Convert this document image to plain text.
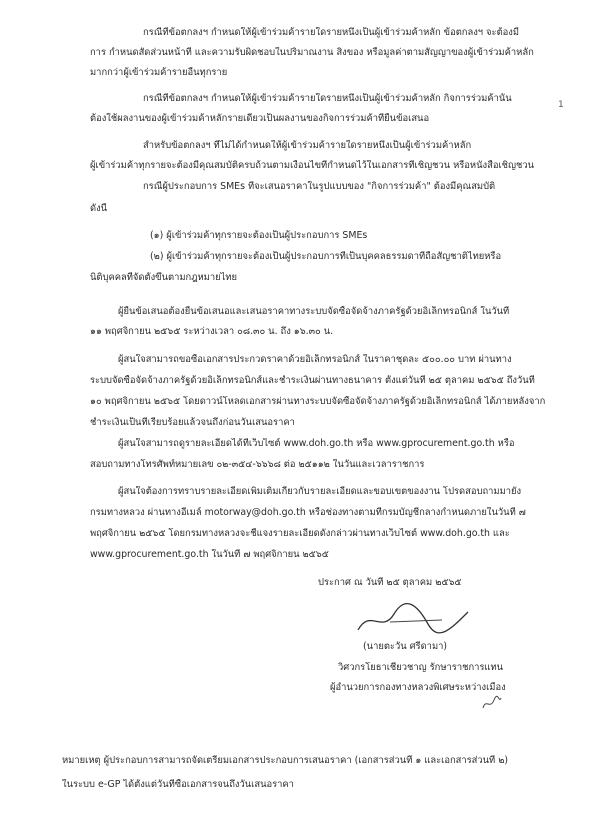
1
กรณีที่ข้อตกลงฯ กำหนดให้ผู้เข้าร่วมค้ารายใดรายหนึ่งเป็นผู้เข้าร่วมค้าหลัก ข้อตกลงฯ จะต้องมี
การ กำหนดสัดส่วนหน้าที่ และความรับผิดชอบในปริมาณงาน สิ่งของ หรือมูลค่าตามสัญญาของผู้เข้าร่วมค้าหลัก
มากกว่าผู้เข้าร่วมค้ารายอื่นทุกราย
กรณีที่ข้อตกลงฯ กำหนดให้ผู้เข้าร่วมค้ารายใดรายหนึ่งเป็นผู้เข้าร่วมค้าหลัก กิจการร่วมค้านั้น
ต้องใช้ผลงานของผู้เข้าร่วมค้าหลักรายเดียวเป็นผลงานของกิจการร่วมค้าที่ยื่นข้อเสนอ
สำหรับข้อตกลงฯ ที่ไม่ได้กำหนดให้ผู้เข้าร่วมค้ารายใดรายหนึ่งเป็นผู้เข้าร่วมค้าหลัก
ผู้เข้าร่วมค้าทุกรายจะต้องมีคุณสมบัติครบถ้วนตามเงื่อนไขที่กำหนดไว้ในเอกสารที่เชิญชวน หรือหนังสือเชิญชวน
กรณีผู้ประกอบการ SMEs ที่จะเสนอราคาในรูปแบบของ "กิจการร่วมค้า" ต้องมีคุณสมบัติ
ดังนี้
(๑) ผู้เข้าร่วมค้าทุกรายจะต้องเป็นผู้ประกอบการ SMEs
(๒) ผู้เข้าร่วมค้าทุกรายจะต้องเป็นผู้ประกอบการที่เป็นบุคคลธรรมดาที่ถือสัญชาติไทยหรือ
นิติบุคคลที่จัดตั้งขึ้นตามกฎหมายไทย
ผู้ยื่นข้อเสนอต้องยื่นข้อเสนอและเสนอราคาทางระบบจัดซื้อจัดจ้างภาครัฐด้วยอิเล็กทรอนิกส์ ในวันที่
๑๑ พฤศจิกายน ๒๕๖๕ ระหว่างเวลา ๐๘.๓๐ น. ถึง ๑๖.๓๐ น.
ผู้สนใจสามารถขอซื้อเอกสารประกวดราคาด้วยอิเล็กทรอนิกส์ ในราคาชุดละ ๕๐๐.๐๐ บาท ผ่านทาง
ระบบจัดซื้อจัดจ้างภาครัฐด้วยอิเล็กทรอนิกส์และชำระเงินผ่านทางธนาคาร ตั้งแต่วันที่ ๒๕ ตุลาคม ๒๕๖๕ ถึงวันที่
๑๐ พฤศจิกายน ๒๕๖๕ โดยดาวน์โหลดเอกสารผ่านทางระบบจัดซื้อจัดจ้างภาครัฐด้วยอิเล็กทรอนิกส์ ได้ภายหลังจาก
ชำระเงินเป็นที่เรียบร้อยแล้วจนถึงก่อนวันเสนอราคา
ผู้สนใจสามารถดูรายละเอียดได้ที่เว็บไซต์ www.doh.go.th หรือ www.gprocurement.go.th หรือ
สอบถามทางโทรศัพท์หมายเลข ๐๒-๓๕๔-๖๖๖๘ ต่อ ๒๕๑๑๒ ในวันและเวลาราชการ
ผู้สนใจต้องการทราบรายละเอียดเพิ่มเติมเกี่ยวกับรายละเอียดและขอบเขตของงาน โปรดสอบถามมายัง
กรมทางหลวง ผ่านทางอีเมล์ motorway@doh.go.th หรือช่องทางตามที่กรมบัญชีกลางกำหนดภายในวันที่ ๗
พฤศจิกายน ๒๕๖๕ โดยกรมทางหลวงจะชี้แจงรายละเอียดดังกล่าวผ่านทางเว็บไซต์ www.doh.go.th และ
www.gprocurement.go.th ในวันที่ ๗ พฤศจิกายน ๒๕๖๕
ประกาศ ณ วันที่ ๒๕ ตุลาคม ๒๕๖๕
(นายตะวัน ศรีดามา)
วิศวกรโยธาเชี่ยวชาญ รักษาราชการแทน
ผู้อำนวยการกองทางหลวงพิเศษระหว่างเมือง
หมายเหตุ ผู้ประกอบการสามารถจัดเตรียมเอกสารประกอบการเสนอราคา (เอกสารส่วนที่ ๑ และเอกสารส่วนที่ ๒)
ในระบบ e-GP ได้ตั้งแต่วันที่ซื้อเอกสารจนถึงวันเสนอราคา
